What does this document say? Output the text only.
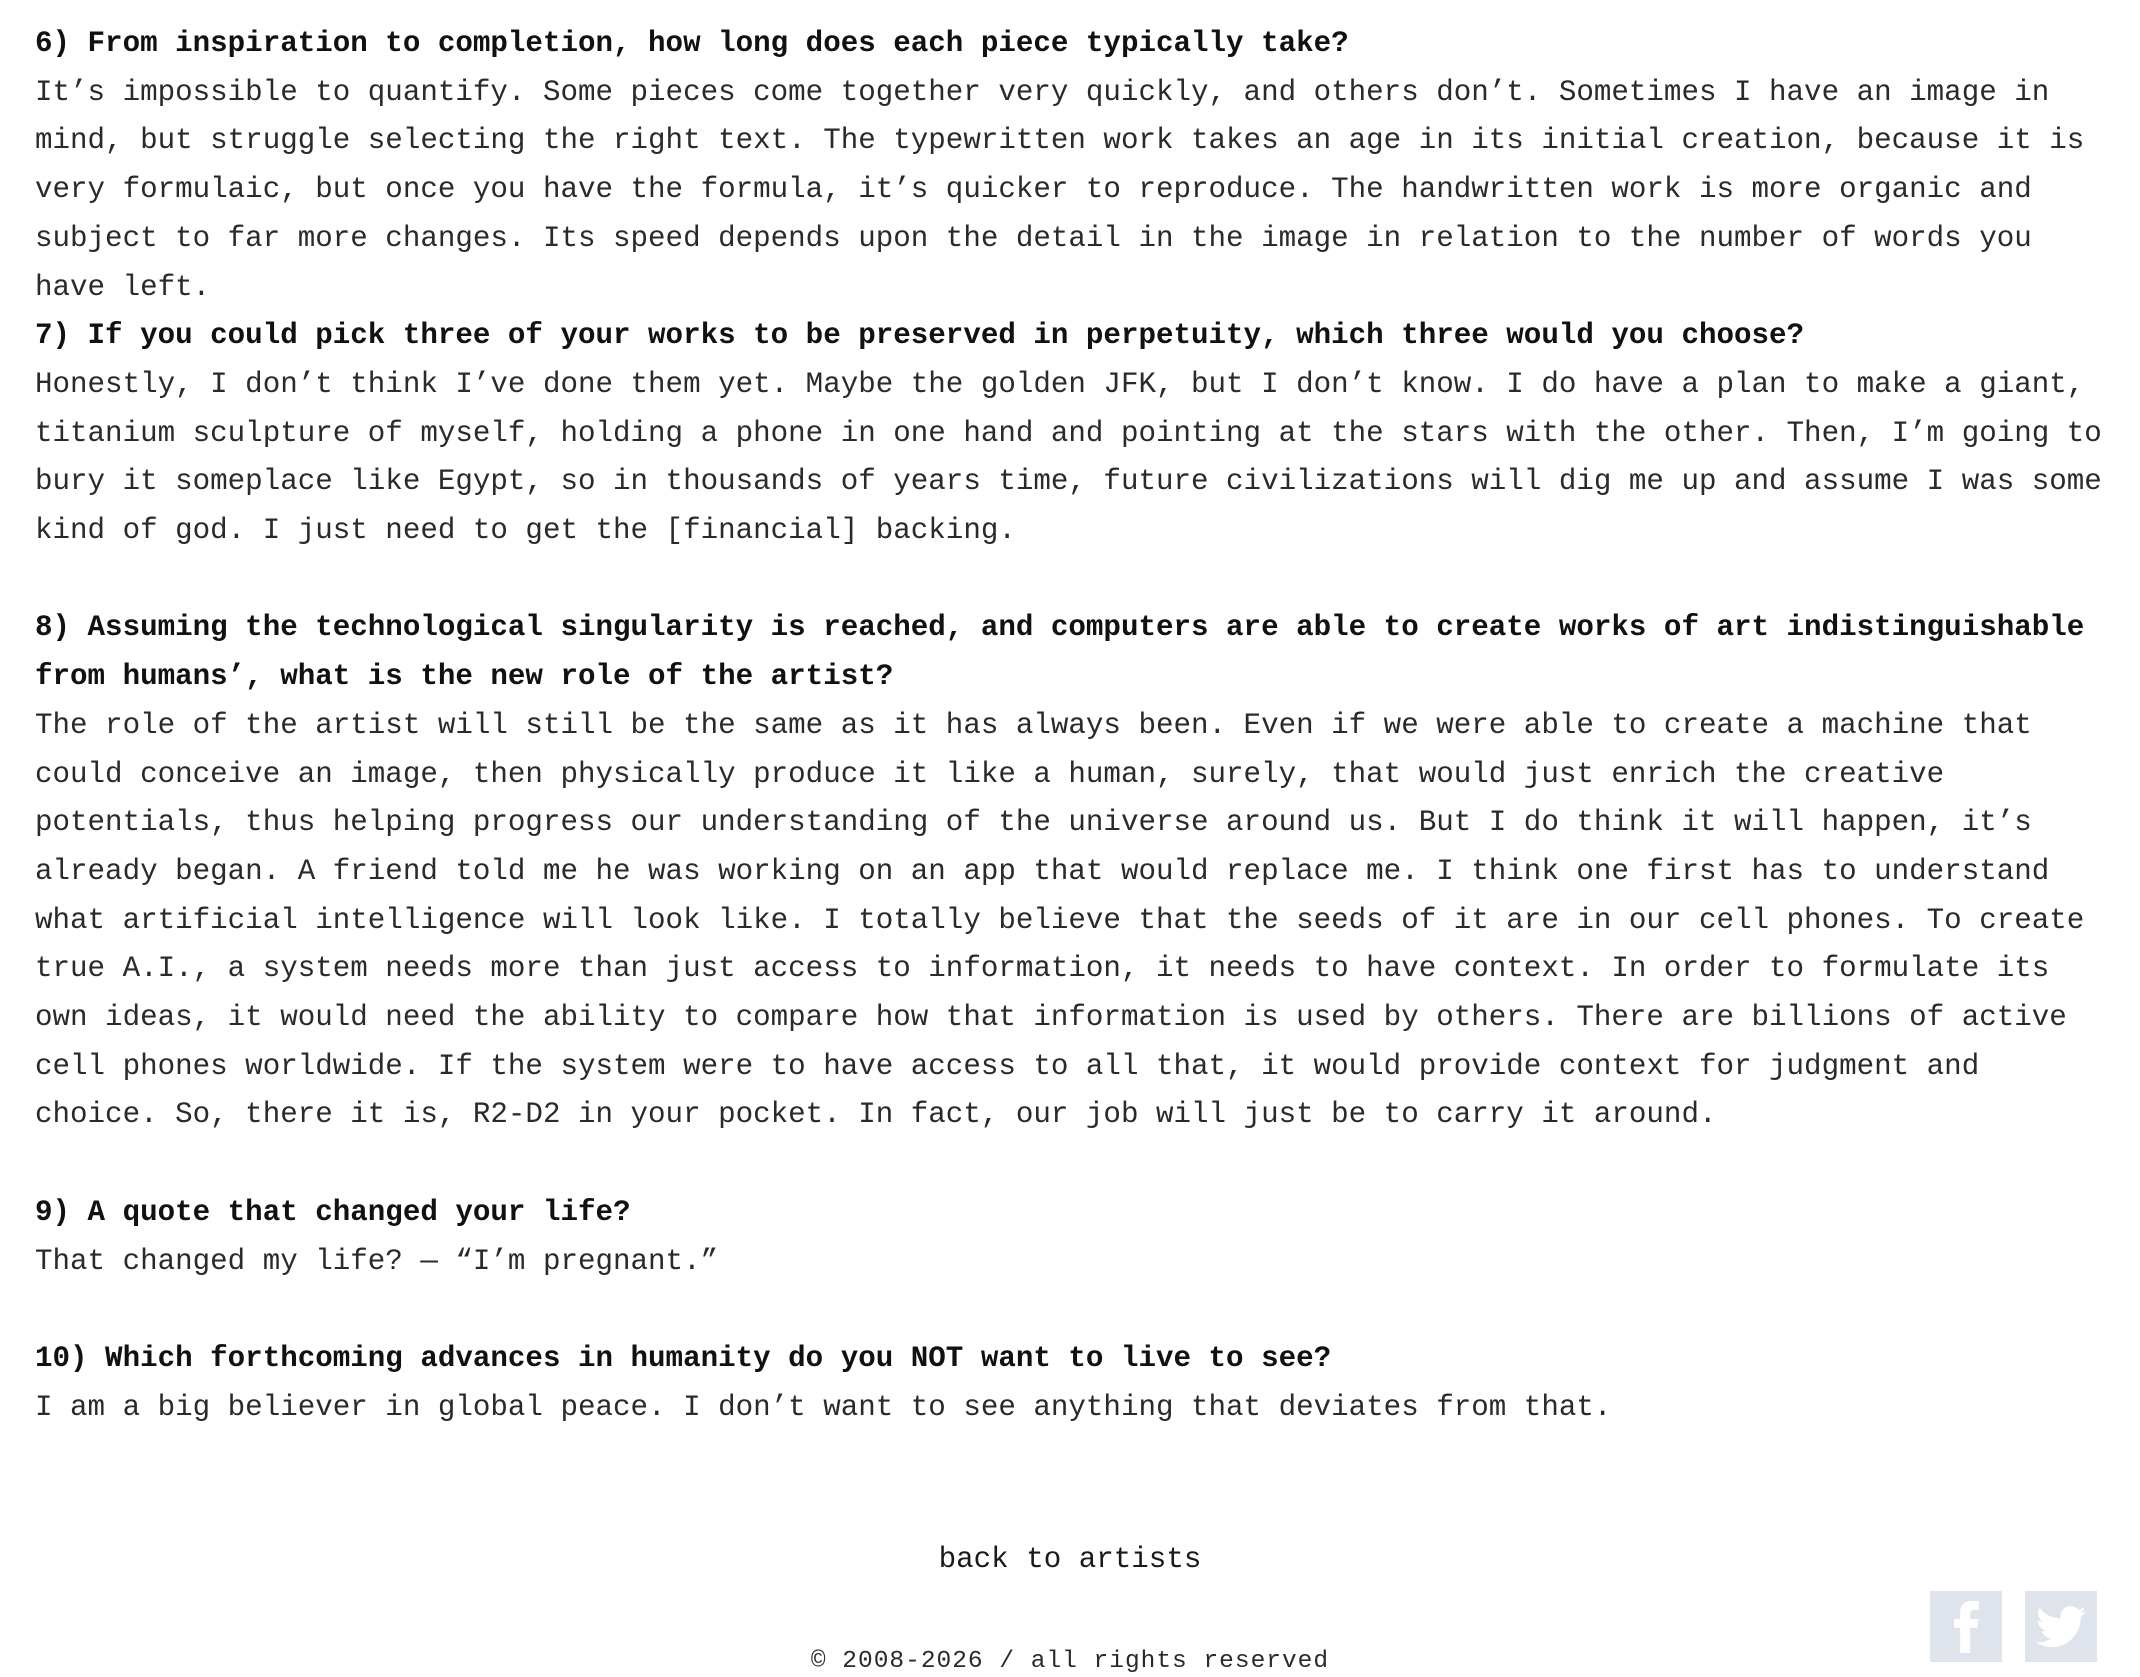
6) From inspiration to completion, how long does each piece typically take?

It’s impossible to quantify. Some pieces come together very quickly, and others don’t. Sometimes I have an image in mind, but struggle selecting the right text. The typewritten work takes an age in its initial creation, because it is very formulaic, but once you have the formula, it’s quicker to reproduce. The handwritten work is more organic and subject to far more changes. Its speed depends upon the detail in the image in relation to the number of words you have left.

7) If you could pick three of your works to be preserved in perpetuity, which three would you choose?

Honestly, I don’t think I’ve done them yet. Maybe the golden JFK, but I don’t know. I do have a plan to make a giant, titanium sculpture of myself, holding a phone in one hand and pointing at the stars with the other. Then, I’m going to bury it someplace like Egypt, so in thousands of years time, future civilizations will dig me up and assume I was some kind of god. I just need to get the [financial] backing.

8) Assuming the technological singularity is reached, and computers are able to create works of art indistinguishable from humans’, what is the new role of the artist?

The role of the artist will still be the same as it has always been. Even if we were able to create a machine that could conceive an image, then physically produce it like a human, surely, that would just enrich the creative potentials, thus helping progress our understanding of the universe around us. But I do think it will happen, it’s already began. A friend told me he was working on an app that would replace me. I think one first has to understand what artificial intelligence will look like. I totally believe that the seeds of it are in our cell phones. To create true A.I., a system needs more than just access to information, it needs to have context. In order to formulate its own ideas, it would need the ability to compare how that information is used by others. There are billions of active cell phones worldwide. If the system were to have access to all that, it would provide context for judgment and choice. So, there it is, R2-D2 in your pocket. In fact, our job will just be to carry it around.

9) A quote that changed your life?

That changed my life? — “I’m pregnant.”

10) Which forthcoming advances in humanity do you NOT want to live to see?

I am a big believer in global peace. I don’t want to see anything that deviates from that.

back to artists
© 2008-2026 / all rights reserved
